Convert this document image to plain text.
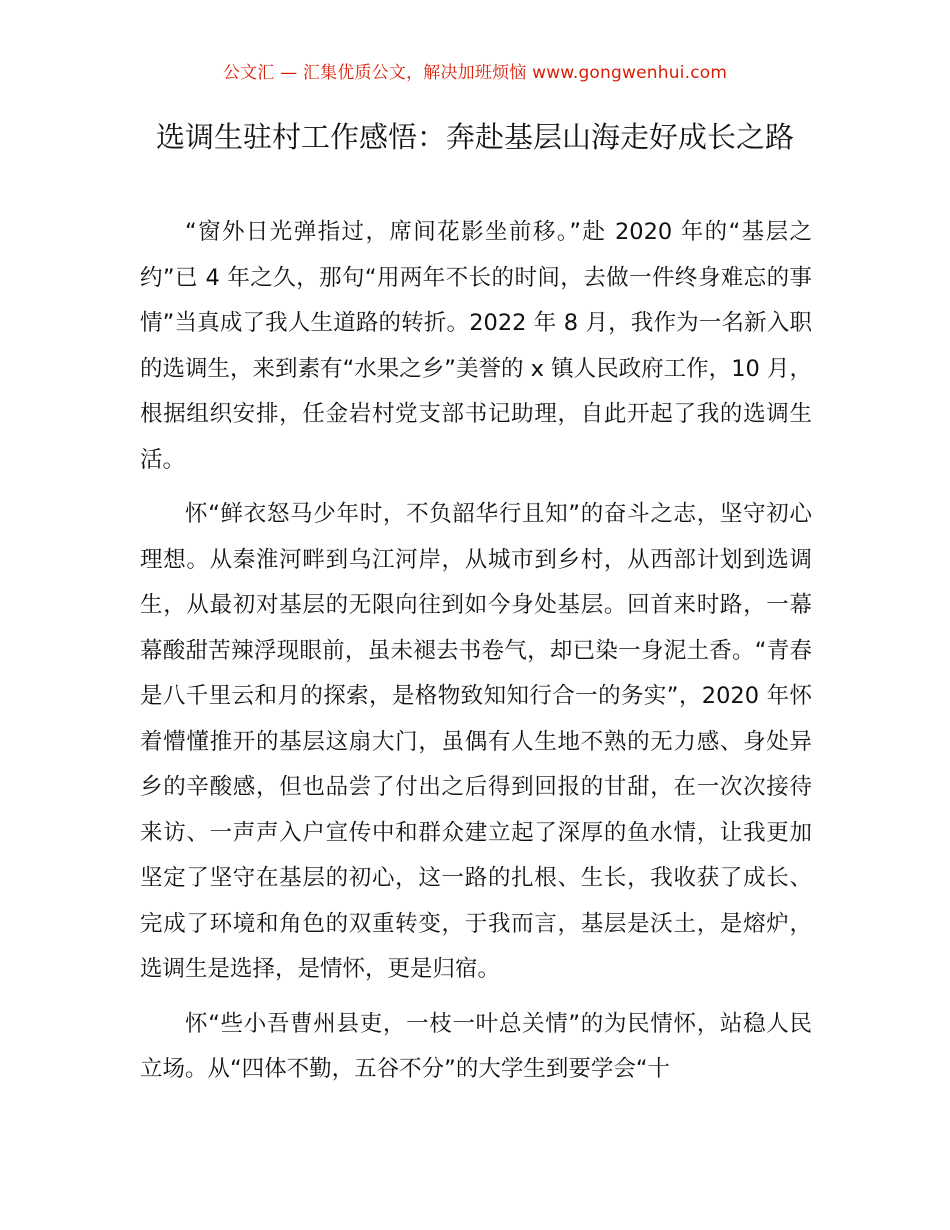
公文汇 — 汇集优质公文，解决加班烦恼 www.gongwenhui.com
选调生驻村工作感悟：奔赴基层山海走好成长之路

“窗外日光弹指过，席间花影坐前移。”赴 2020 年的“基层之约”已 4 年之久，那句“用两年不长的时间，去做一件终身难忘的事情”当真成了我人生道路的转折。2022 年 8 月，我作为一名新入职的选调生，来到素有“水果之乡”美誉的 x 镇人民政府工作，10 月，根据组织安排，任金岩村党支部书记助理，自此开起了我的选调生活。

怀“鲜衣怒马少年时，不负韶华行且知”的奋斗之志，坚守初心理想。从秦淮河畔到乌江河岸，从城市到乡村，从西部计划到选调生，从最初对基层的无限向往到如今身处基层。回首来时路，一幕幕酸甜苦辣浮现眼前，虽未褪去书卷气，却已染一身泥土香。“青春是八千里云和月的探索，是格物致知知行合一的务实”，2020 年怀着懵懂推开的基层这扇大门，虽偶有人生地不熟的无力感、身处异乡的辛酸感，但也品尝了付出之后得到回报的甘甜，在一次次接待来访、一声声入户宣传中和群众建立起了深厚的鱼水情，让我更加坚定了坚守在基层的初心，这一路的扎根、生长，我收获了成长、完成了环境和角色的双重转变，于我而言，基层是沃土，是熔炉，选调生是选择，是情怀，更是归宿。

怀“些小吾曹州县吏，一枝一叶总关情”的为民情怀，站稳人民立场。从“四体不勤，五谷不分”的大学生到要学会“十
